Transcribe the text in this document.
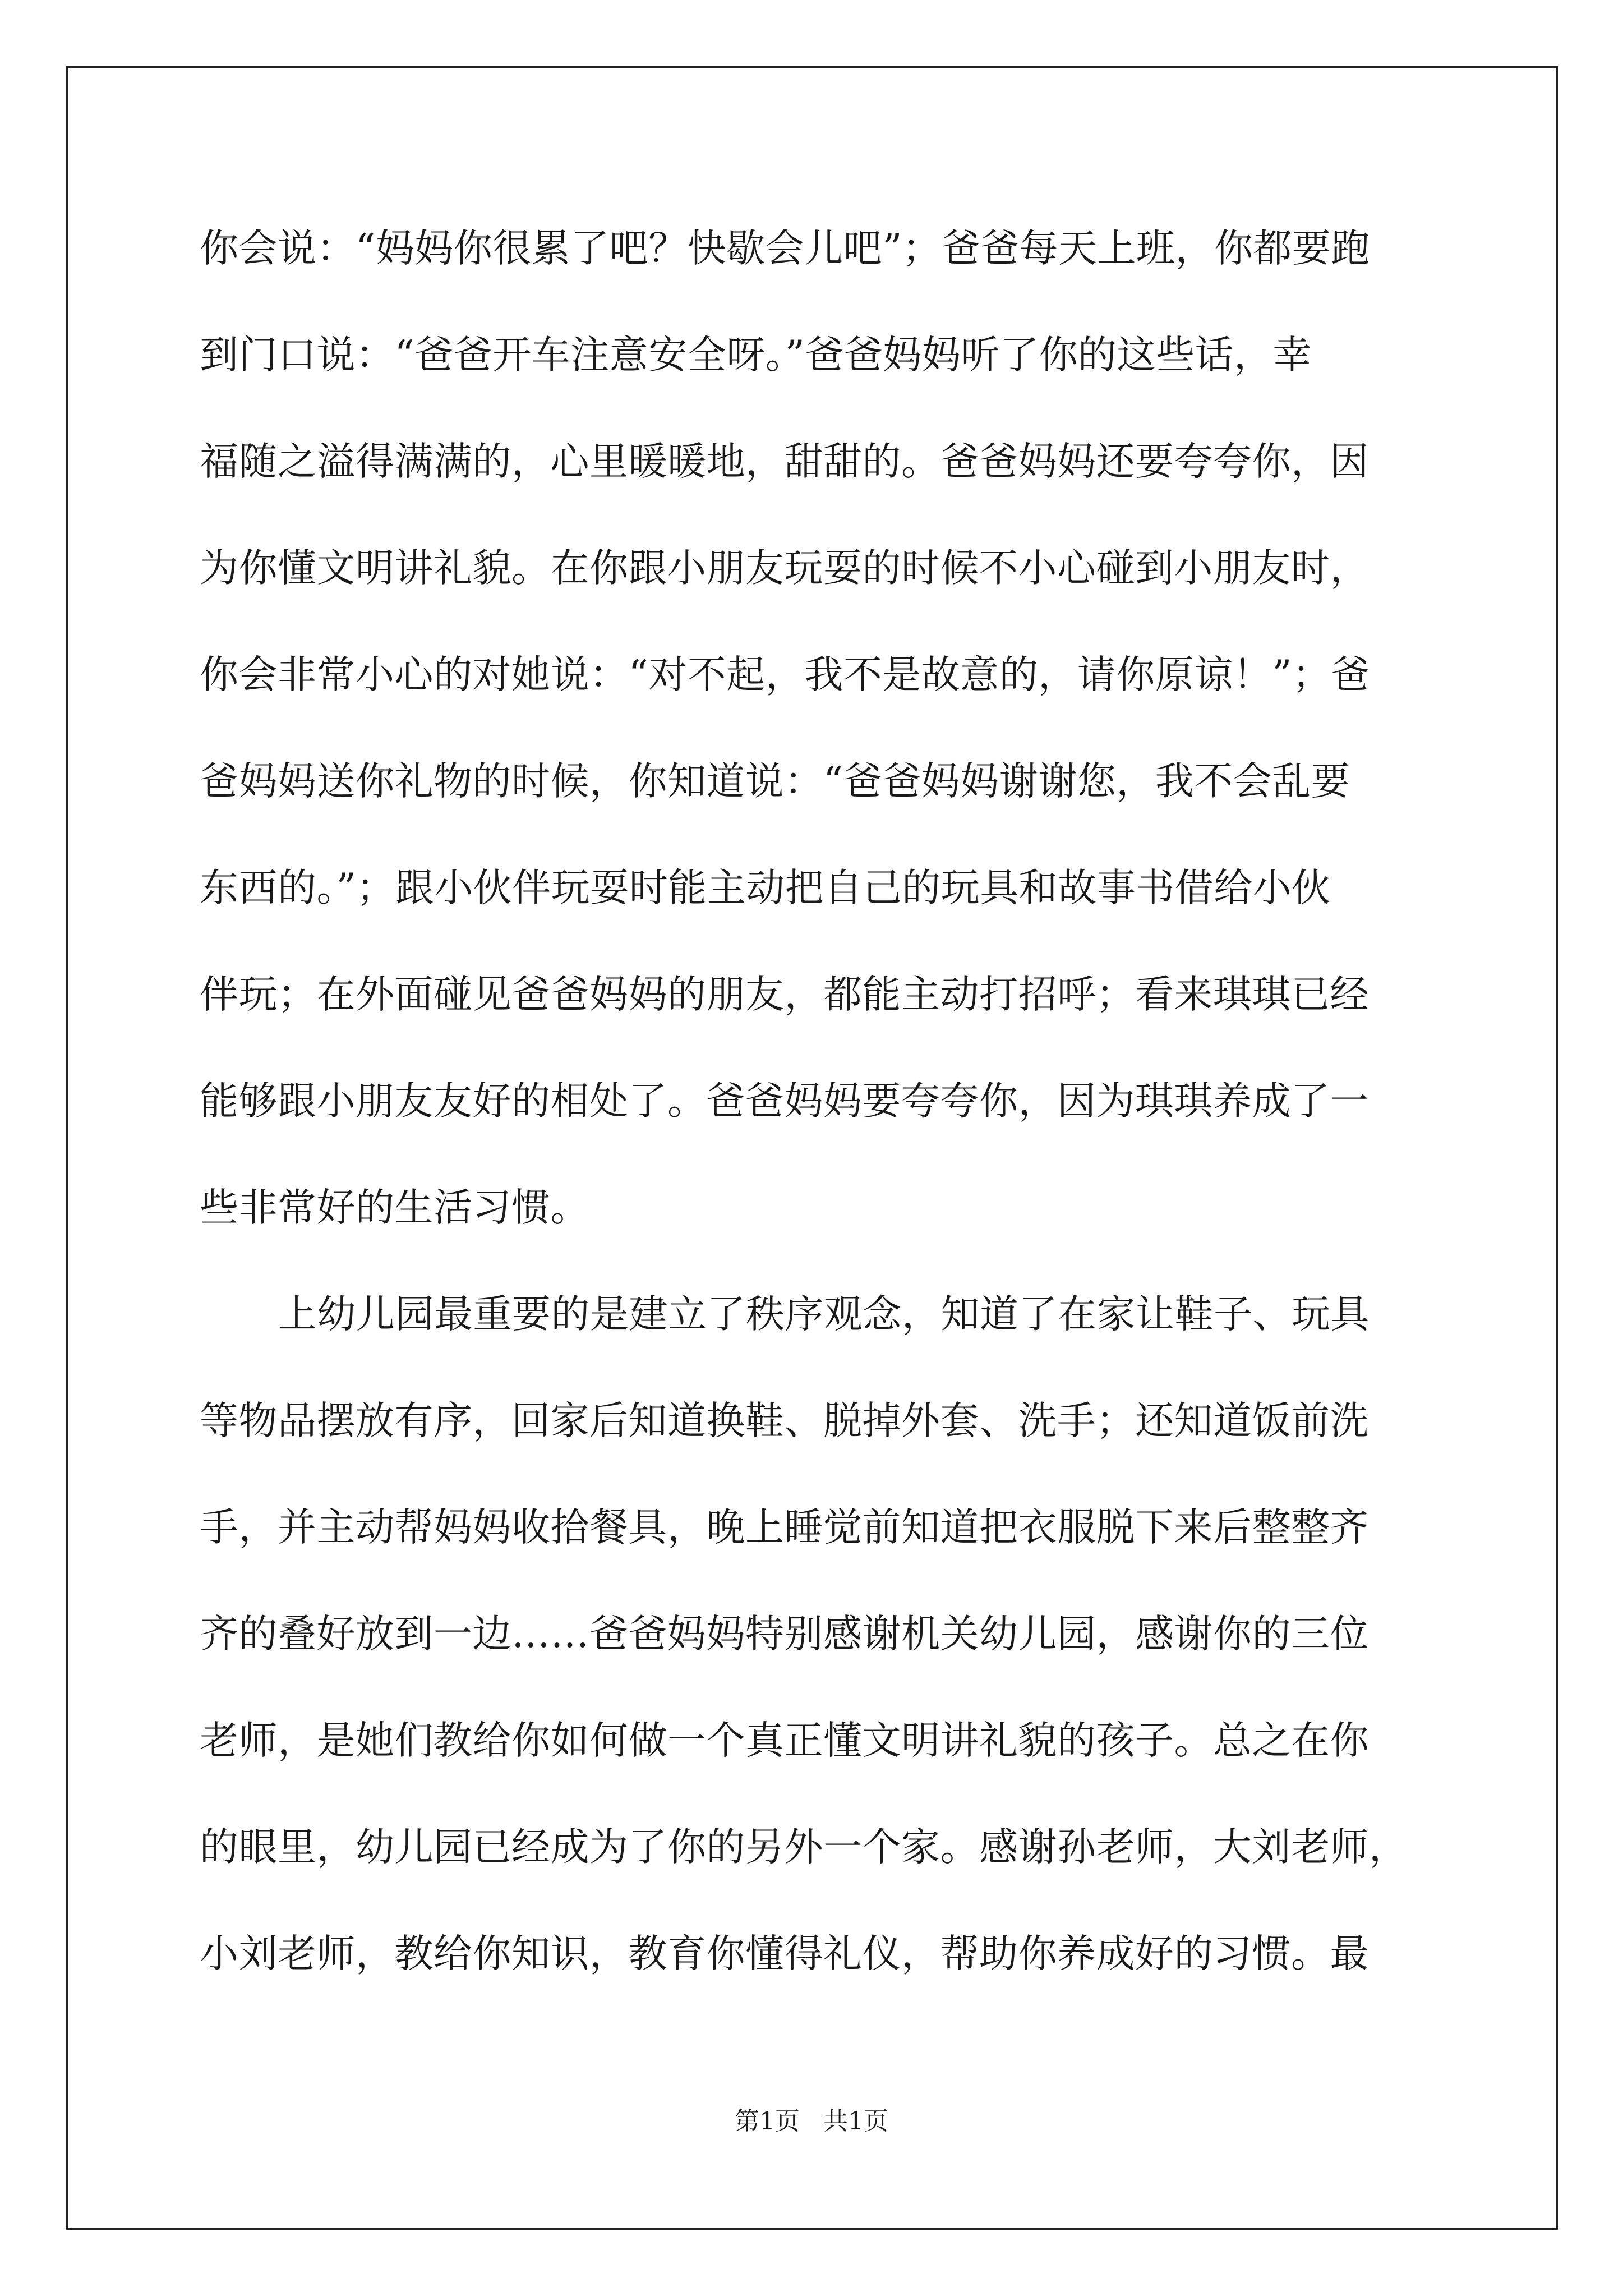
你会说：“妈妈你很累了吧？快歇会儿吧”；爸爸每天上班，你都要跑
到门口说：“爸爸开车注意安全呀。”爸爸妈妈听了你的这些话，幸
福随之溢得满满的，心里暖暖地，甜甜的。爸爸妈妈还要夸夸你，因
为你懂文明讲礼貌。在你跟小朋友玩耍的时候不小心碰到小朋友时，
你会非常小心的对她说：“对不起，我不是故意的，请你原谅！”；爸
爸妈妈送你礼物的时候，你知道说：“爸爸妈妈谢谢您，我不会乱要
东西的。”；跟小伙伴玩耍时能主动把自己的玩具和故事书借给小伙
伴玩；在外面碰见爸爸妈妈的朋友，都能主动打招呼；看来琪琪已经
能够跟小朋友友好的相处了。爸爸妈妈要夸夸你，因为琪琪养成了一
些非常好的生活习惯。
上幼儿园最重要的是建立了秩序观念，知道了在家让鞋子、玩具
等物品摆放有序，回家后知道换鞋、脱掉外套、洗手；还知道饭前洗
手，并主动帮妈妈收拾餐具，晚上睡觉前知道把衣服脱下来后整整齐
齐的叠好放到一边……爸爸妈妈特别感谢机关幼儿园，感谢你的三位
老师，是她们教给你如何做一个真正懂文明讲礼貌的孩子。总之在你
的眼里，幼儿园已经成为了你的另外一个家。感谢孙老师，大刘老师，
小刘老师，教给你知识，教育你懂得礼仪，帮助你养成好的习惯。最
第1页   共1页
